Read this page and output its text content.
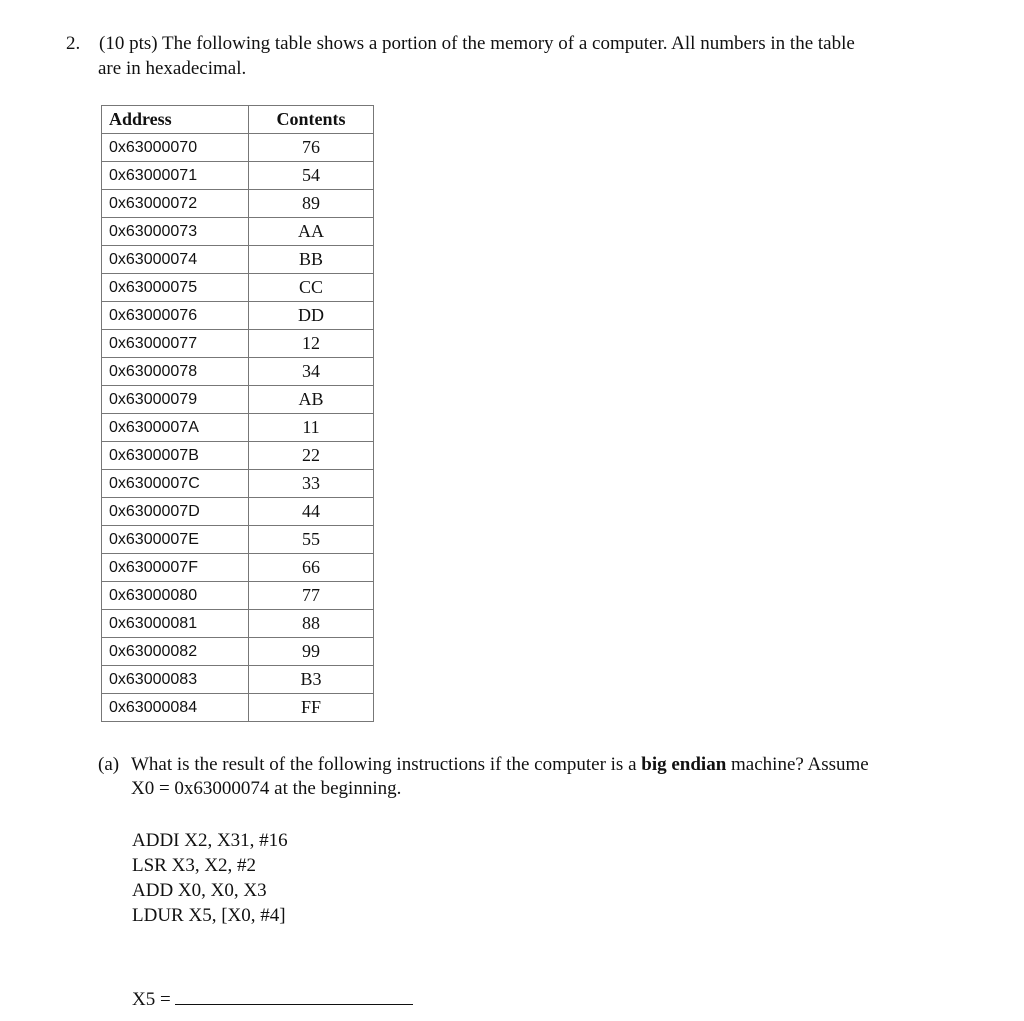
2. (10 pts) The following table shows a portion of the memory of a computer. All numbers in the table
are in hexadecimal.
Address	Contents
0x63000070	76
0x63000071	54
0x63000072	89
0x63000073	AA
0x63000074	BB
0x63000075	CC
0x63000076	DD
0x63000077	12
0x63000078	34
0x63000079	AB
0x6300007A	11
0x6300007B	22
0x6300007C	33
0x6300007D	44
0x6300007E	55
0x6300007F	66
0x63000080	77
0x63000081	88
0x63000082	99
0x63000083	B3
0x63000084	FF
(a) What is the result of the following instructions if the computer is a big endian machine? Assume
X0 = 0x63000074 at the beginning.
ADDI X2, X31, #16
LSR X3, X2, #2
ADD X0, X0, X3
LDUR X5, [X0, #4]
X5 =
